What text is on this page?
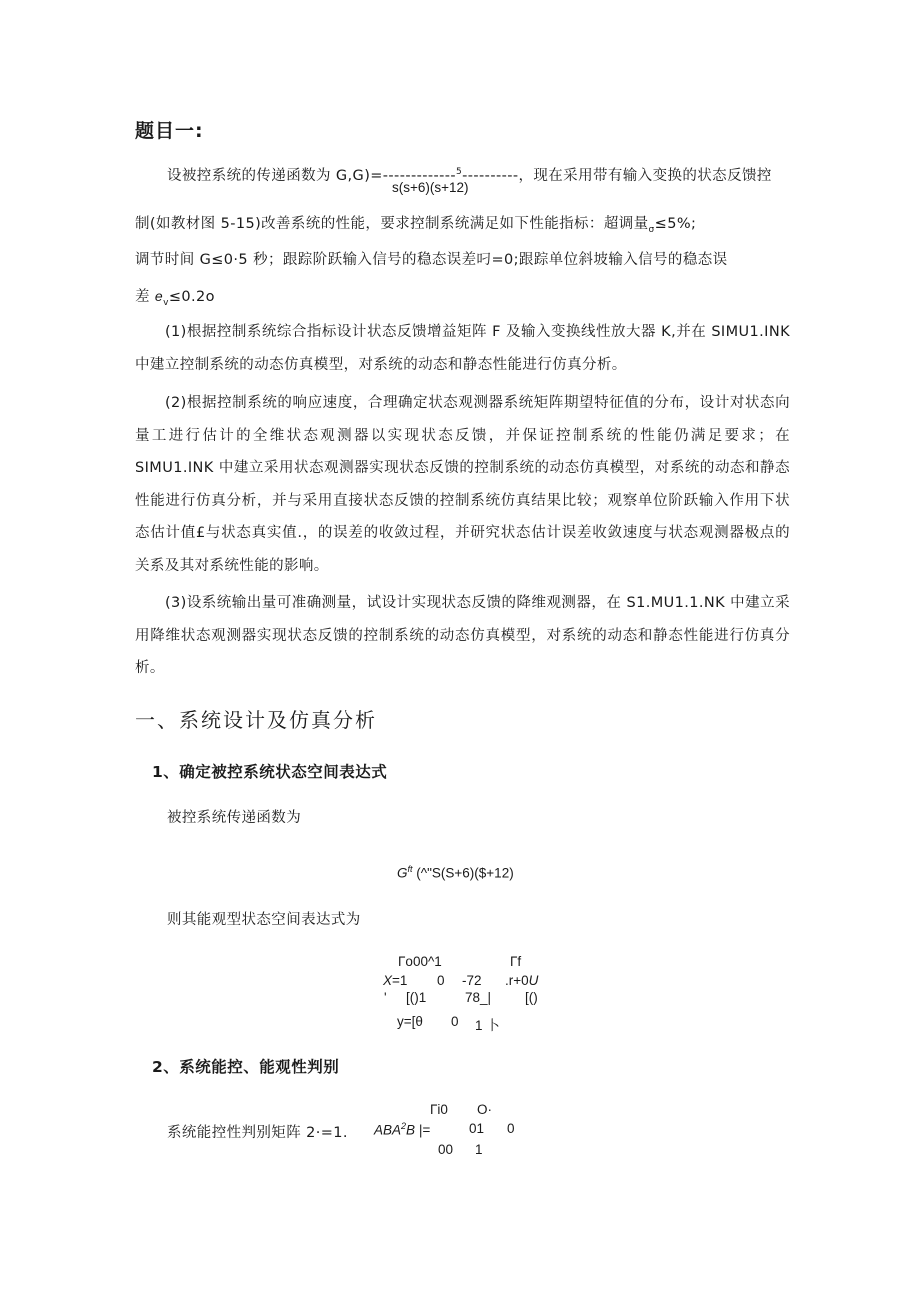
题目一:
设被控系统的传递函数为 G,G)=-------------$^5$----------，现在采用带有输入变换的状态反馈控
s(s+6)(s+12)
制(如教材图 5-15)改善系统的性能，要求控制系统满足如下性能指标：超调量$_\sigma$≤5%;
调节时间 G≤0·5 秒；跟踪阶跃输入信号的稳态误差叼=0;跟踪单位斜坡输入信号的稳态误
差 $e_v\le 0.2o$
(1)根据控制系统综合指标设计状态反馈增益矩阵 F 及输入变换线性放大器 K,并在 SIMU1.INK 中建立控制系统的动态仿真模型，对系统的动态和静态性能进行仿真分析。
(2)根据控制系统的响应速度，合理确定状态观测器系统矩阵期望特征值的分布，设计对状态向量工进行估计的全维状态观测器以实现状态反馈，并保证控制系统的性能仍满足要求；在SIMU1.INK 中建立采用状态观测器实现状态反馈的控制系统的动态仿真模型，对系统的动态和静态性能进行仿真分析，并与采用直接状态反馈的控制系统仿真结果比较；观察单位阶跃输入作用下状态估计值£与状态真实值.，的误差的收敛过程，并研究状态估计误差收敛速度与状态观测器极点的关系及其对系统性能的影响。
(3)设系统输出量可准确测量，试设计实现状态反馈的降维观测器，在 S1.MU1.1.NK 中建立采用降维状态观测器实现状态反馈的控制系统的动态仿真模型，对系统的动态和静态性能进行仿真分析。
一、系统设计及仿真分析
1、确定被控系统状态空间表达式
被控系统传递函数为
$G^{ft}$ (^"S(S+6)($+12)
则其能观型状态空间表达式为
Γo00^1	Γf
X=1 0 -72 .r+0U
' [()1	78_|	[()
y=[θ 0 1 卜
2、系统能控、能观性判别
Γi0 O·
系统能控性判别矩阵 2·=1. ABA$^2$B |=	01 0
00 1
